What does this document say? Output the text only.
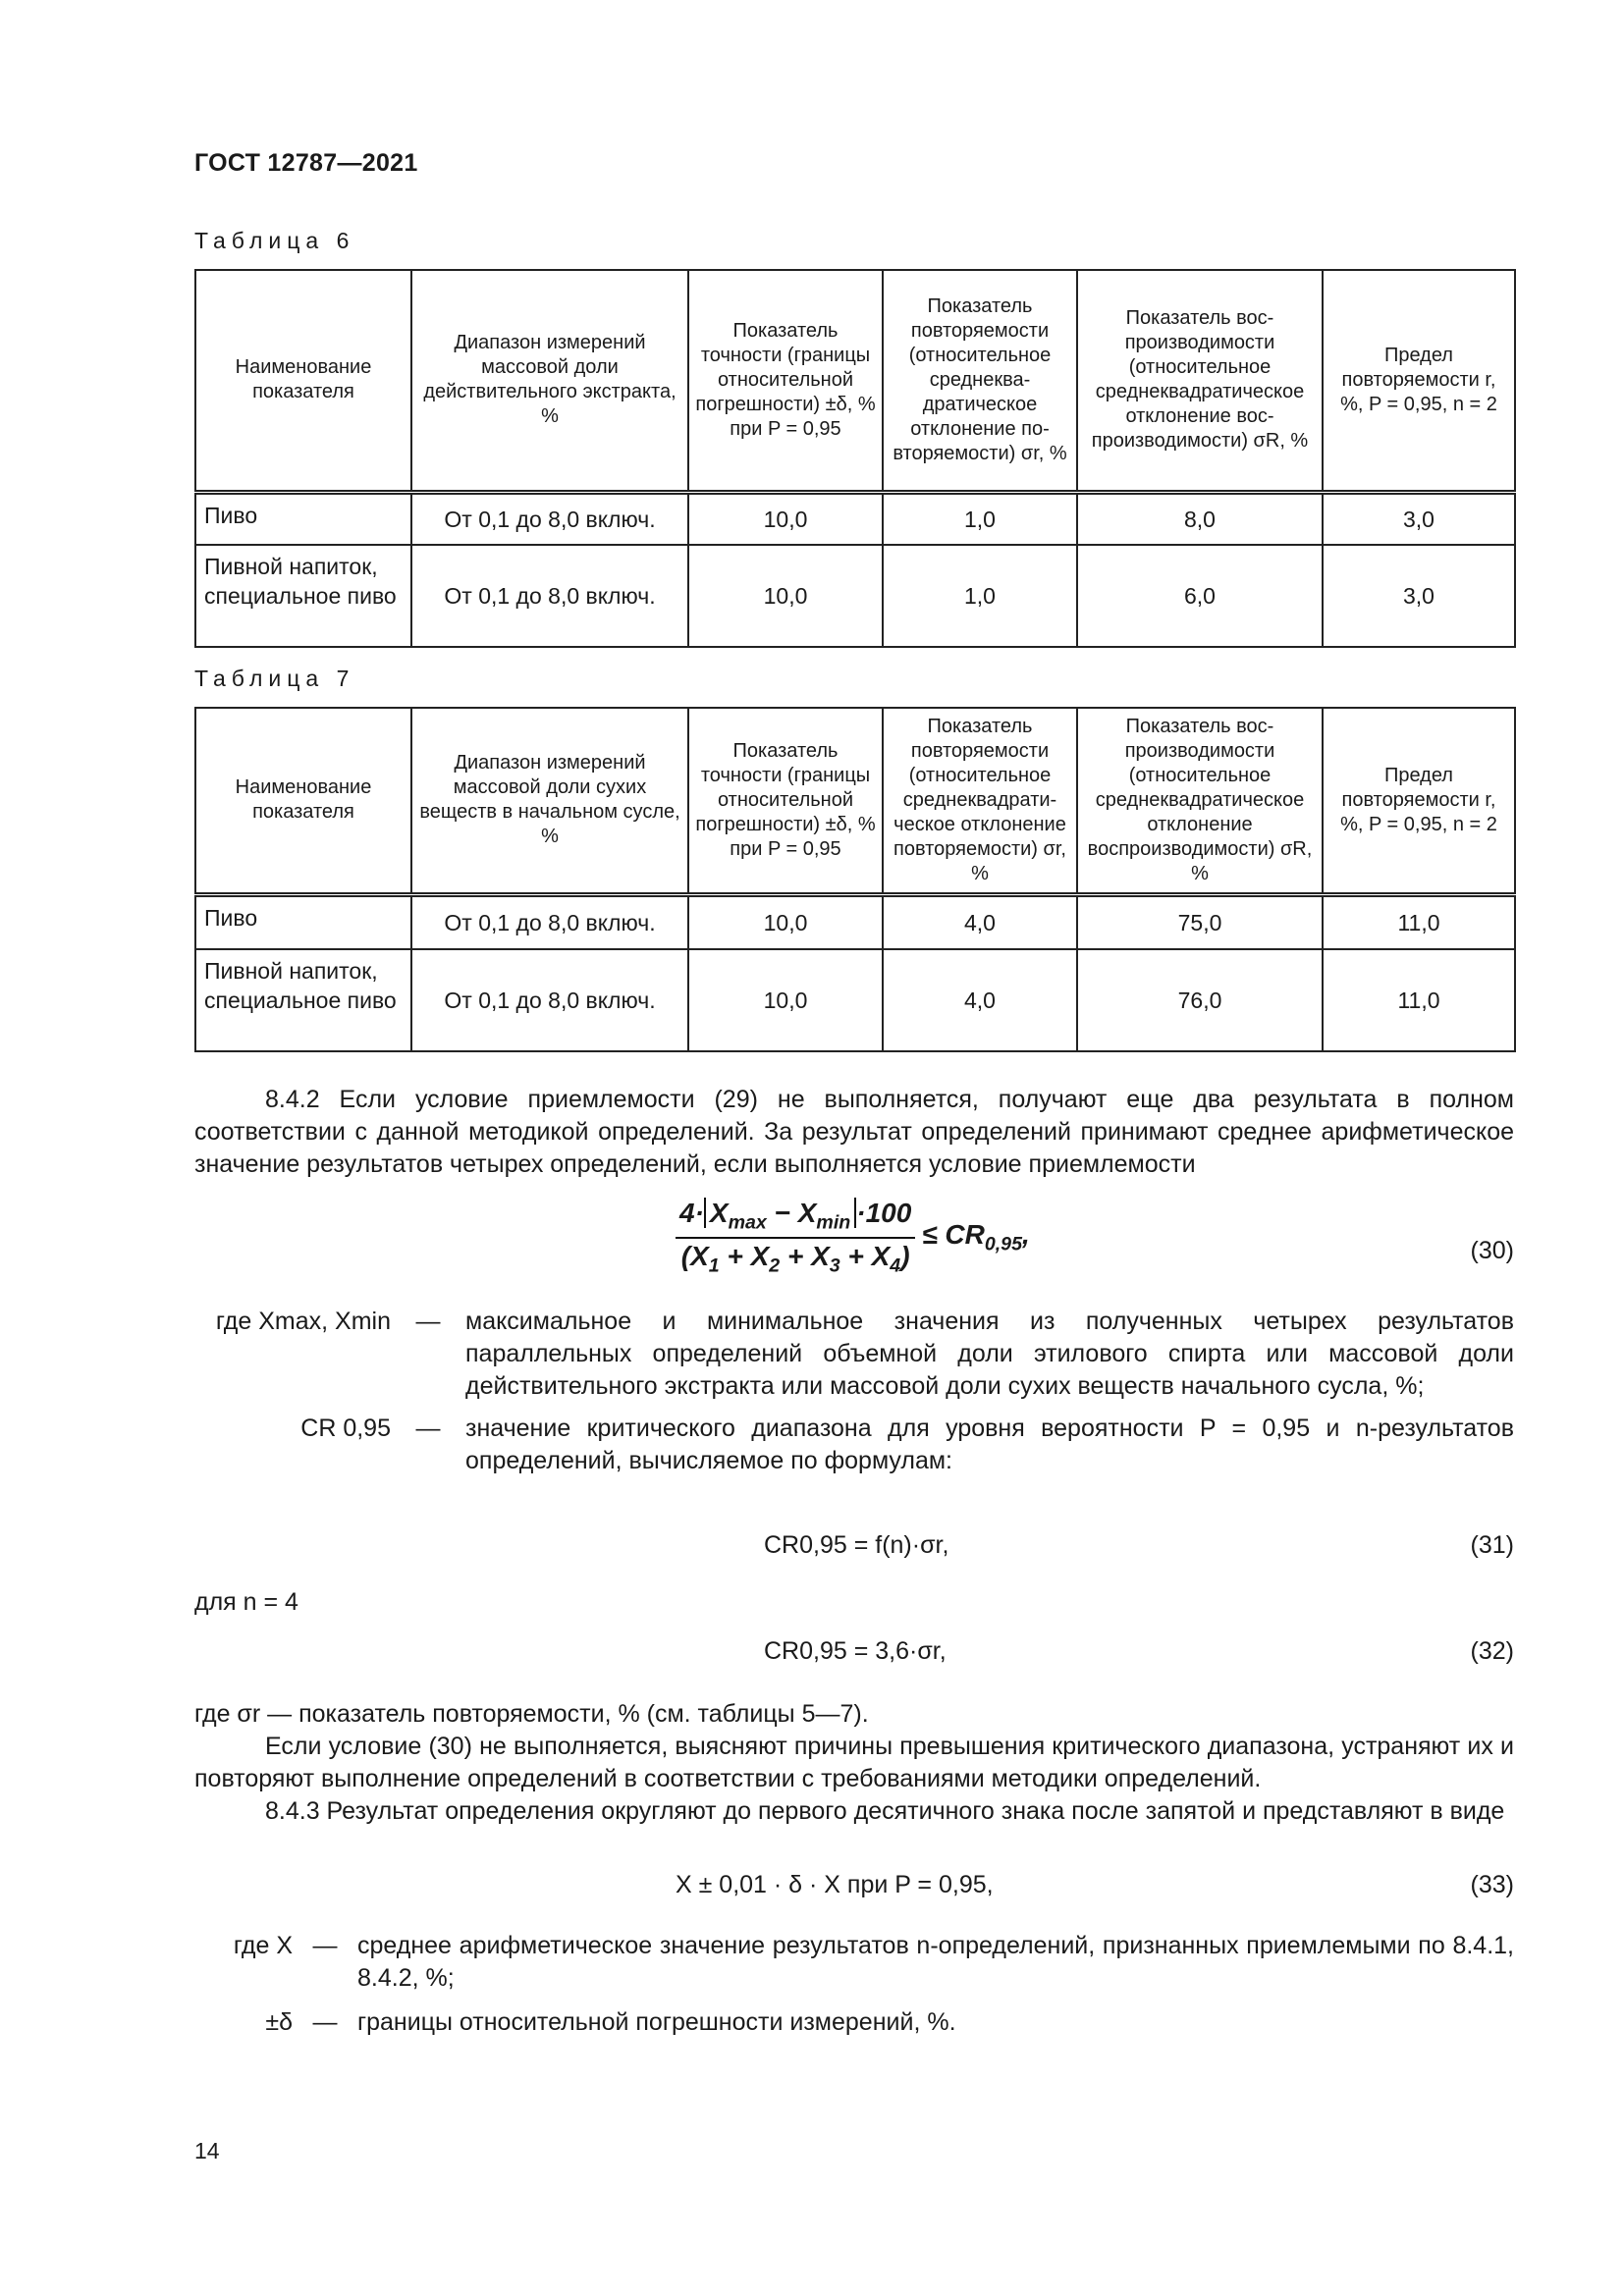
ГОСТ 12787—2021
Таблица 6
Наименование показателя	Диапазон измерений массовой доли действительного экстракта, %	Показатель точности (границы относительной погрешности) ±δ, % при P = 0,95	Показатель повторяемости (относительное среднеквадратическое отклонение повторяемости) σr, %	Показатель воспроизводимости (относительное среднеквадратическое отклонение воспроизводимости) σR, %	Предел повторяемости r, %, P = 0,95, n = 2
Пиво	От 0,1 до 8,0 включ.	10,0	1,0	8,0	3,0
Пивной напиток, специальное пиво	От 0,1 до 8,0 включ.	10,0	1,0	6,0	3,0
Таблица 7
Наименование показателя	Диапазон измерений массовой доли сухих веществ в начальном сусле, %	Показатель точности (границы относительной погрешности) ±δ, % при P = 0,95	Показатель повторяемости (относительное среднеквадратическое отклонение повторяемости) σr, %	Показатель воспроизводимости (относительное среднеквадратическое отклонение воспроизводимости) σR, %	Предел повторяемости r, %, P = 0,95, n = 2
Пиво	От 0,1 до 8,0 включ.	10,0	4,0	75,0	11,0
Пивной напиток, специальное пиво	От 0,1 до 8,0 включ.	10,0	4,0	76,0	11,0
8.4.2 Если условие приемлемости (29) не выполняется, получают еще два результата в полном соответствии с данной методикой определений. За результат определений принимают среднее арифметическое значение результатов четырех определений, если выполняется условие приемлемости
$\frac{4\cdot X_{max} - X_{min} \cdot 100}{(X_1 + X_2 + X_3 + X_4)} \le CR_{0,95}$,
(30)
где Xmax, Xmin	—	максимальное и минимальное значения из полученных четырех результатов параллельных определений объемной доли этилового спирта или массовой доли действительного экстракта или массовой доли сухих веществ начального сусла, %;
CR 0,95	—	значение критического диапазона для уровня вероятности P = 0,95 и n-результатов определений, вычисляемое по формулам:
CR0,95 = f(n)·σr,	(31)
для n = 4
CR0,95 = 3,6·σr,	(32)
где σr — показатель повторяемости, % (см. таблицы 5—7).
Если условие (30) не выполняется, выясняют причины превышения критического диапазона, устраняют их и повторяют выполнение определений в соответствии с требованиями методики определений.
8.4.3 Результат определения округляют до первого десятичного знака после запятой и представляют в виде
X ± 0,01 · δ · X при P = 0,95,	(33)
где X — среднее арифметическое значение результатов n-определений, признанных приемлемыми по 8.4.1, 8.4.2, %;
±δ — границы относительной погрешности измерений, %.
14
